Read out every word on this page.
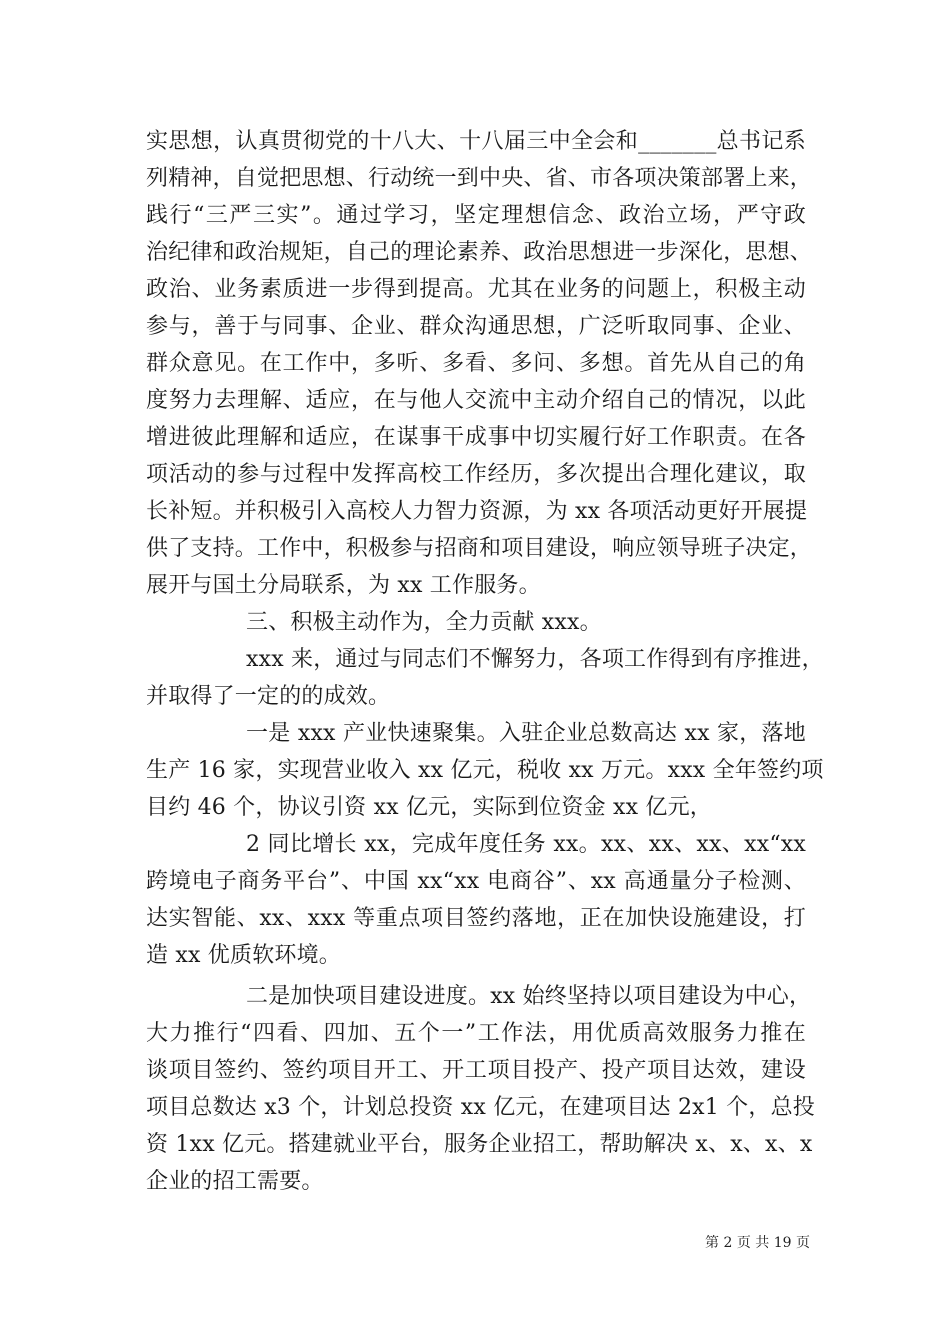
实思想，认真贯彻党的十八大、十八届三中全会和_______总书记系
列精神，自觉把思想、行动统一到中央、省、市各项决策部署上来，
践行“三严三实”。通过学习，坚定理想信念、政治立场，严守政
治纪律和政治规矩，自己的理论素养、政治思想进一步深化，思想、
政治、业务素质进一步得到提高。尤其在业务的问题上，积极主动
参与，善于与同事、企业、群众沟通思想，广泛听取同事、企业、
群众意见。在工作中，多听、多看、多问、多想。首先从自己的角
度努力去理解、适应，在与他人交流中主动介绍自己的情况，以此
增进彼此理解和适应，在谋事干成事中切实履行好工作职责。在各
项活动的参与过程中发挥高校工作经历，多次提出合理化建议，取
长补短。并积极引入高校人力智力资源，为 xx 各项活动更好开展提
供了支持。工作中，积极参与招商和项目建设，响应领导班子决定，
展开与国土分局联系，为 xx 工作服务。
三、积极主动作为，全力贡献 xxx。
xxx 来，通过与同志们不懈努力，各项工作得到有序推进，
并取得了一定的的成效。
一是 xxx 产业快速聚集。入驻企业总数高达 xx 家，落地
生产 16 家，实现营业收入 xx 亿元，税收 xx 万元。xxx 全年签约项
目约 46 个，协议引资 xx 亿元，实际到位资金 xx 亿元，
2 同比增长 xx，完成年度任务 xx。xx、xx、xx、xx“xx
跨境电子商务平台”、中国 xx“xx 电商谷”、xx 高通量分子检测、
达实智能、xx、xxx 等重点项目签约落地，正在加快设施建设，打
造 xx 优质软环境。
二是加快项目建设进度。xx 始终坚持以项目建设为中心，
大力推行“四看、四加、五个一”工作法，用优质高效服务力推在
谈项目签约、签约项目开工、开工项目投产、投产项目达效，建设
项目总数达 x3 个，计划总投资 xx 亿元，在建项目达 2x1 个，总投
资 1xx 亿元。搭建就业平台，服务企业招工，帮助解决 x、x、x、x
企业的招工需要。
第 2 页 共 19 页
